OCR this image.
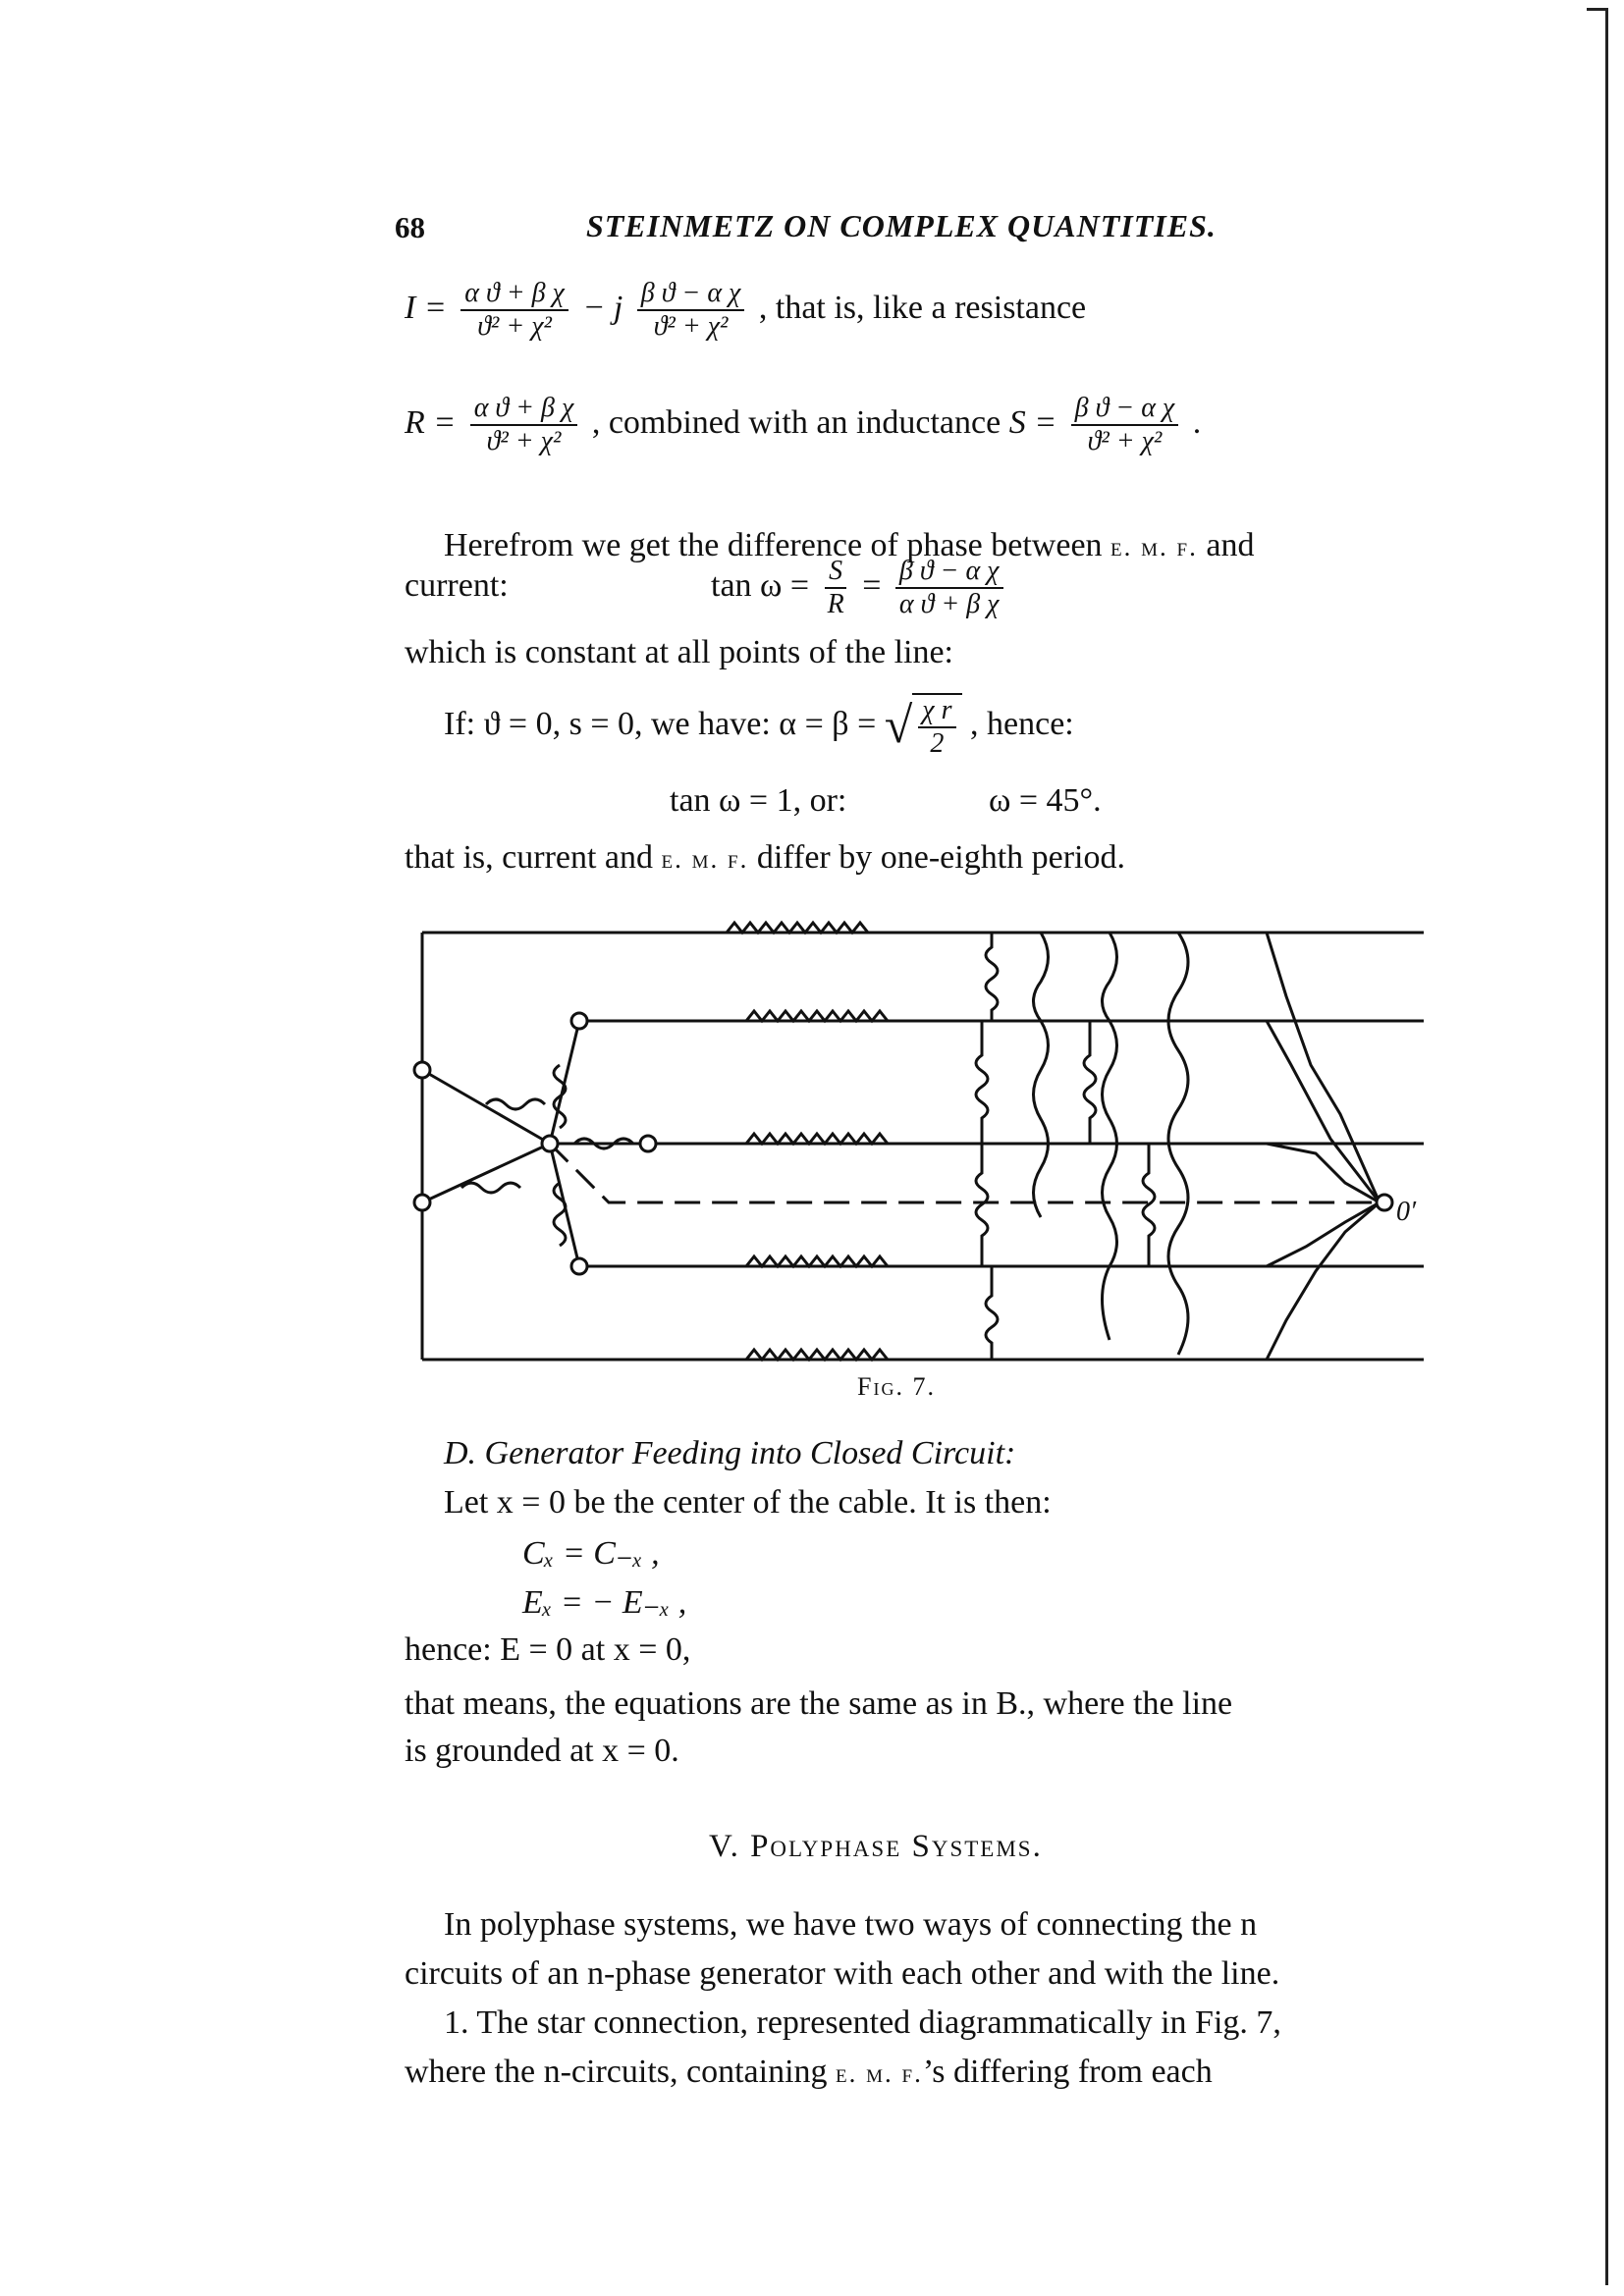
68	STEINMETZ ON COMPLEX QUANTITIES.
$I = \frac{\text{α ϑ + β χ}}{\text{ϑ² + χ²}} - j \frac{\text{β ϑ − α χ}}{\text{ϑ² + χ²}}$ , that is, like a resistance
$R = \frac{\text{α ϑ + β χ}}{\text{ϑ² + χ²}}$ , combined with an inductance $S = \frac{\text{β ϑ − α χ}}{\text{ϑ² + χ²}}$ .
Herefrom we get the difference of phase between e. m. f. and
current:	$\tan \omega = \frac{S}{R} = \frac{\text{β ϑ − α χ}}{\text{α ϑ + β χ}}$
which is constant at all points of the line:
If: ϑ = 0, s = 0, we have: α = β = √ $\frac{\text{χ r}}{2}$ , hence:
tan ω = 1, or:	ω = 45°.
that is, current and e. m. f. differ by one-eighth period.
0′
Fig. 7.
D. Generator Feeding into Closed Circuit:
Let x = 0 be the center of the cable. It is then:
Cₓ = C₋ₓ ,
Eₓ = − E₋ₓ ,
hence: E = 0 at x = 0,
that means, the equations are the same as in B., where the line
is grounded at x = 0.
V. Polyphase Systems.
In polyphase systems, we have two ways of connecting the n
circuits of an n-phase generator with each other and with the line.
1. The star connection, represented diagrammatically in Fig. 7,
where the n-circuits, containing e. m. f.’s differing from each
